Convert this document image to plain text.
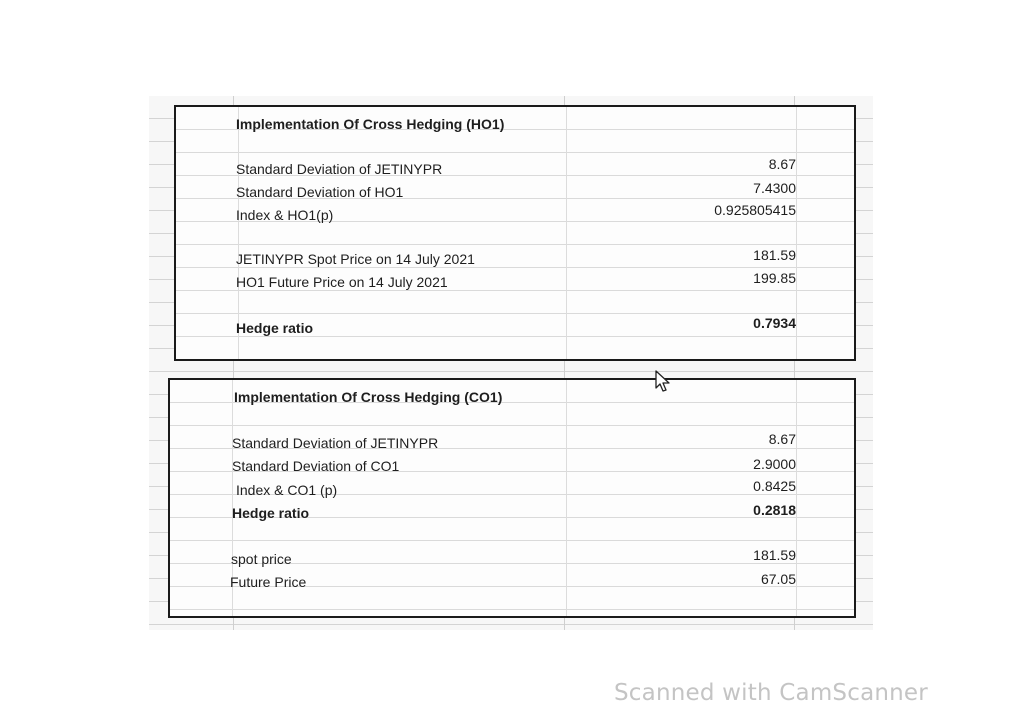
Implementation Of Cross Hedging (HO1)
Standard Deviation of JETINYPR	8.67
Standard Deviation of HO1	7.4300
Index & HO1(p)	0.925805415
JETINYPR Spot Price on 14 July 2021	181.59
HO1 Future Price on 14 July 2021	199.85
Hedge ratio	0.7934
Implementation Of Cross Hedging (CO1)
Standard Deviation of JETINYPR	8.67
Standard Deviation of CO1	2.9000
Index & CO1 (p)	0.8425
Hedge ratio	0.2818
spot price	181.59
Future Price	67.05
Scanned with CamScanner
